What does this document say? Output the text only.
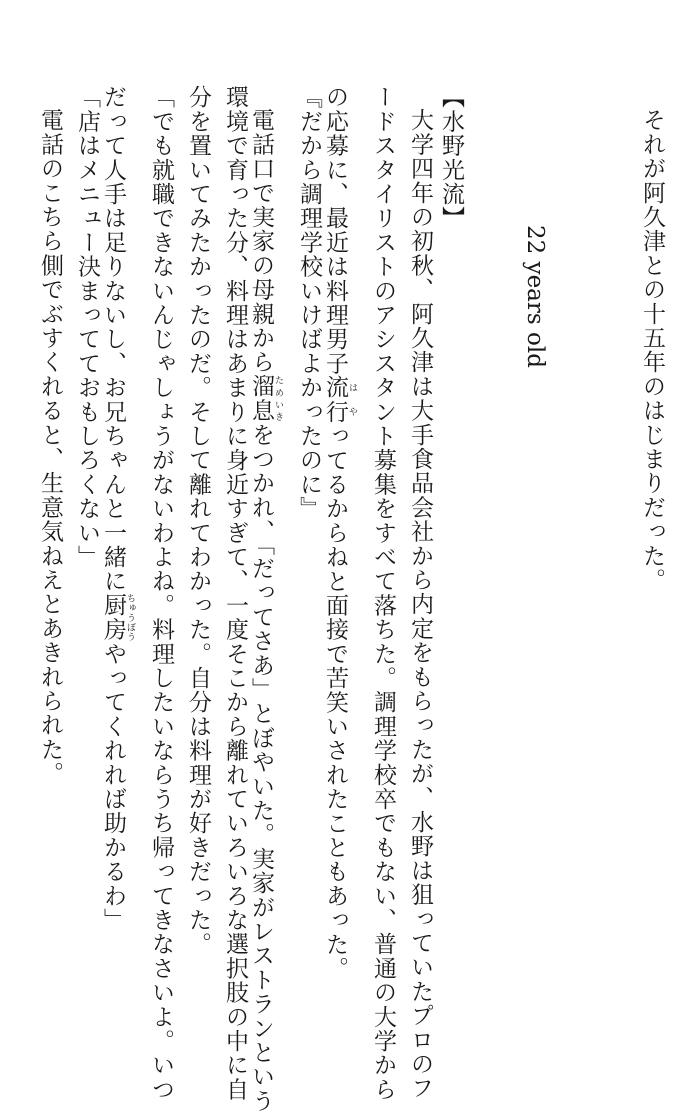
それが阿久津との十五年のはじまりだった。
22 years old
【水野光流】
大学四年の初秋、阿久津は大手食品会社から内定をもらったが、水野は狙っていたプロのフ
ードスタイリストのアシスタント募集をすべて落ちた。調理学校卒でもない、普通の大学から
の応募に、最近は料理男子流 は行 やってるからねと面接で苦笑いされたこともあった。
『だから調理学校いけばよかったのに』
電話口で実家の母親から溜息 ためいきをつかれ、「だってさあ」とぼやいた。実家がレストランという
環境で育った分、料理はあまりに身近すぎて、一度そこから離れていろいろな選択肢の中に自
分を置いてみたかったのだ。そして離れてわかった。自分は料理が好きだった。
「でも就職できないんじゃしょうがないわよね。料理したいならうち帰ってきなさいよ。いつ
だって人手は足りないし、お兄ちゃんと一緒に厨房 ちゅうぼうやってくれれば助かるわ」
「店はメニュー決まってておもしろくない」
電話のこちら側でぶすくれると、生意気ねえとあきれられた。
